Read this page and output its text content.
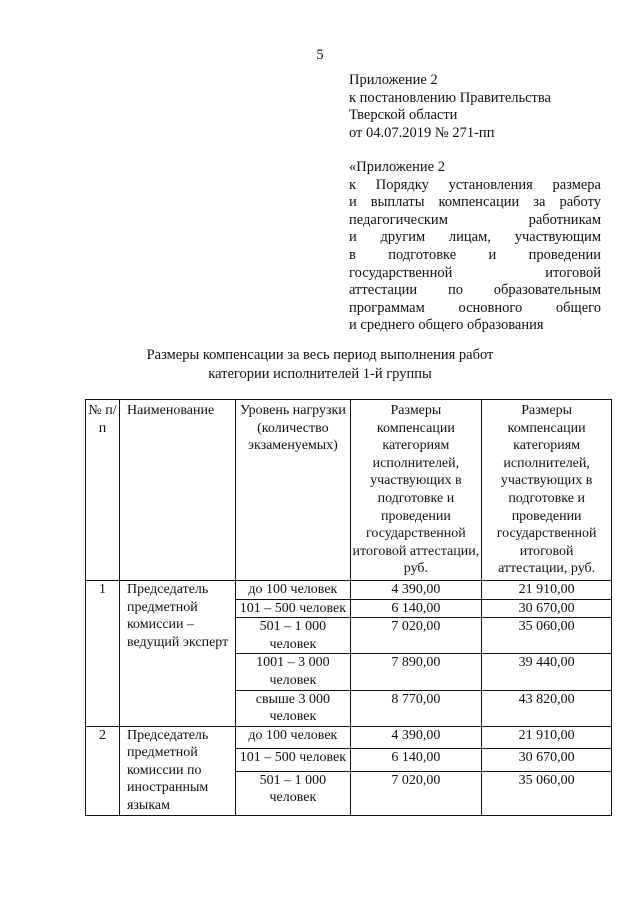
5
Приложение 2
к постановлению Правительства
Тверской области
от 04.07.2019 № 271-пп
«Приложение 2
к Порядку установления размера
и выплаты компенсации за работу
педагогическим работникам
и другим лицам, участвующим
в подготовке и проведении
государственной итоговой
аттестации по образовательным
программам основного общего
и среднего общего образования
Размеры компенсации за весь период выполнения работ
категории исполнителей 1-й группы
№ п/п	Наименование	Уровень нагрузки (количество экзаменуемых)	Размеры компенсации категориям исполнителей, участвующих в подготовке и проведении государственной итоговой аттестации, руб.	Размеры компенсации категориям исполнителей, участвующих в подготовке и проведении государственной итоговой аттестации, руб.
1	Председатель предметной комиссии – ведущий эксперт	до 100 человек	4 390,00	21 910,00
		101 – 500 человек	6 140,00	30 670,00
		501 – 1 000 человек	7 020,00	35 060,00
		1001 – 3 000 человек	7 890,00	39 440,00
		свыше 3 000 человек	8 770,00	43 820,00
2	Председатель предметной комиссии по иностранным языкам	до 100 человек	4 390,00	21 910,00
		101 – 500 человек	6 140,00	30 670,00
		501 – 1 000 человек	7 020,00	35 060,00
